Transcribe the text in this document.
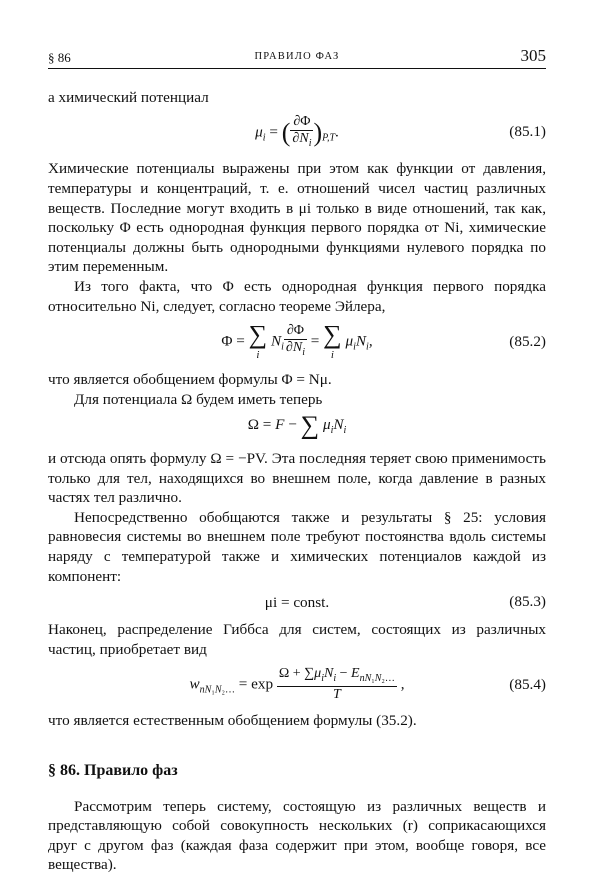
§ 86	ПРАВИЛО ФАЗ	305

а химический потенциал

$\mu_i$ = ( $\frac{\partial\Phi}{\partial N_i} )_{P,T}$.	(85.1)

Химические потенциалы выражены при этом как функции от давления, температуры и концентраций, т. е. отношений чисел частиц различных веществ. Последние могут входить в μi только в виде отношений, так как, поскольку Φ есть однородная функция первого порядка от Ni, химические потенциалы должны быть однородными функциями нулевого порядка по этим переменным.

Из того факта, что Φ есть однородная функция первого порядка относительно Ni, следует, согласно теореме Эйлера,

Φ = ∑
i
$N_i \frac{\partial\Phi}{\partial N_i}$ = ∑
i
$\mu_iN_i$,	(85.2)

что является обобщением формулы Φ = Nμ.

Для потенциала Ω будем иметь теперь

Ω = F − ∑ $\mu_iN_i$

и отсюда опять формулу Ω = −PV. Эта последняя теряет свою применимость только для тел, находящихся во внешнем поле, когда давление в разных частях тел различно.

Непосредственно обобщаются также и результаты § 25: условия равновесия системы во внешнем поле требуют постоянства вдоль системы наряду с температурой также и химических потенциалов каждой из компонент:

μi = const.	(85.3)

Наконец, распределение Гиббса для систем, состоящих из различных частиц, приобретает вид

$w_{nN_1N_2\dots} = \exp \frac{\Omega + \sum\mu_iN_i - E_{nN_1N_2\dots}}{T}$ ,	(85.4)

что является естественным обобщением формулы (35.2).

§ 86. Правило фаз

Рассмотрим теперь систему, состоящую из различных веществ и представляющую собой совокупность нескольких (r) соприкасающихся друг с другом фаз (каждая фаза содержит при этом, вообще говоря, все вещества).
